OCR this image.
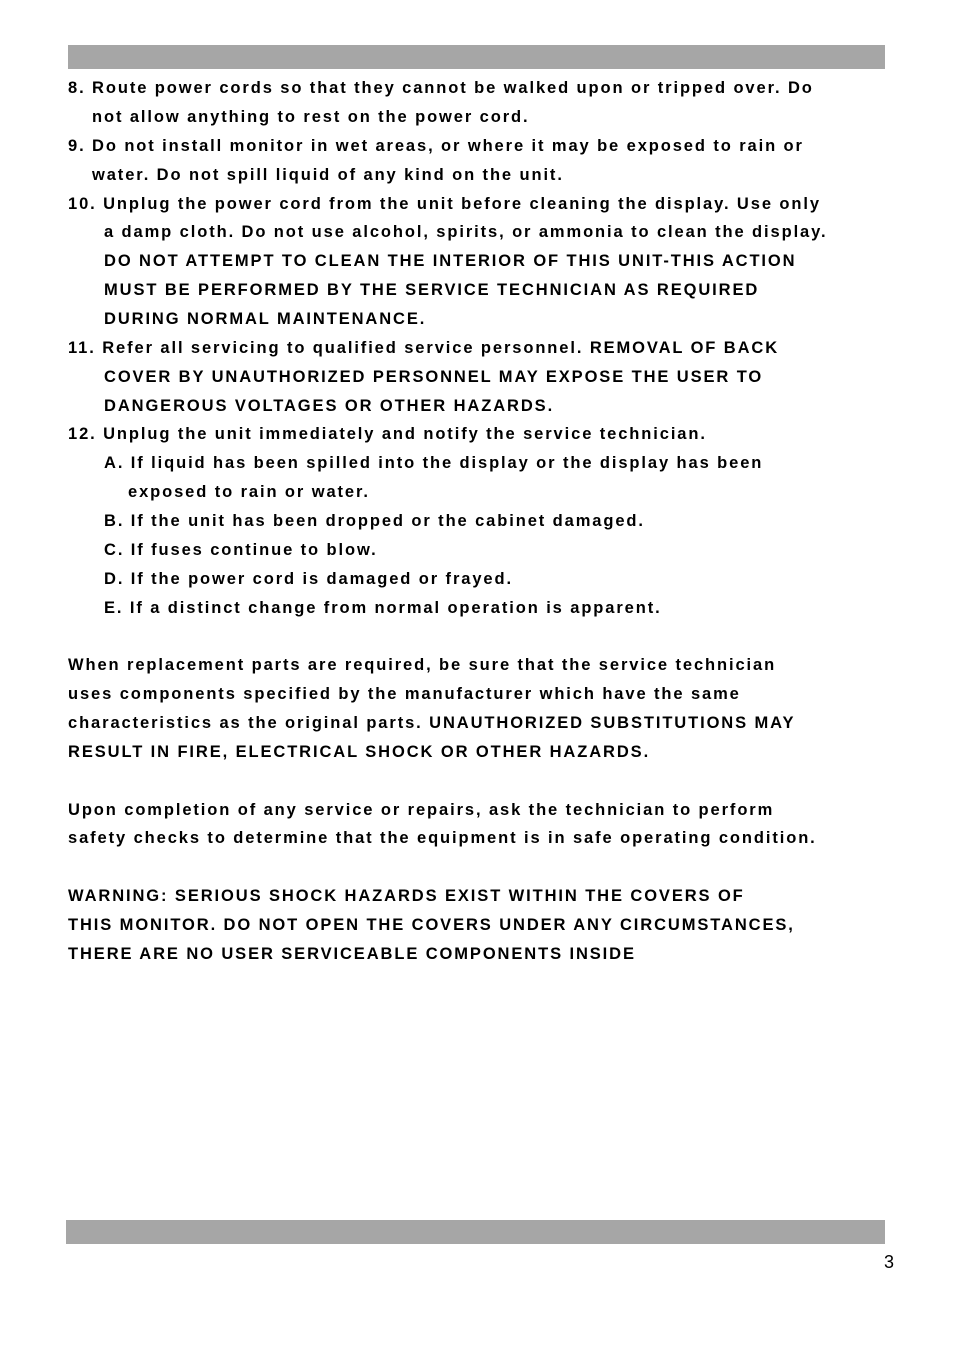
8. Route power cords so that they cannot be walked upon or tripped over. Do
not allow anything to rest on the power cord.
9. Do not install monitor in wet areas, or where it may be exposed to rain or
water. Do not spill liquid of any kind on the unit.
10. Unplug the power cord from the unit before cleaning the display. Use only
a damp cloth. Do not use alcohol, spirits, or ammonia to clean the display.
DO NOT ATTEMPT TO CLEAN THE INTERIOR OF THIS UNIT-THIS ACTION
MUST BE PERFORMED BY THE SERVICE TECHNICIAN AS REQUIRED
DURING NORMAL MAINTENANCE.
11. Refer all servicing to qualified service personnel. REMOVAL OF BACK
COVER BY UNAUTHORIZED PERSONNEL MAY EXPOSE THE USER TO
DANGEROUS VOLTAGES OR OTHER HAZARDS.
12. Unplug the unit immediately and notify the service technician.
A. If liquid has been spilled into the display or the display has been
exposed to rain or water.
B. If the unit has been dropped or the cabinet damaged.
C. If fuses continue to blow.
D. If the power cord is damaged or frayed.
E. If a distinct change from normal operation is apparent.
When replacement parts are required, be sure that the service technician
uses components specified by the manufacturer which have the same
characteristics as the original parts. UNAUTHORIZED SUBSTITUTIONS MAY
RESULT IN FIRE, ELECTRICAL SHOCK OR OTHER HAZARDS.
Upon completion of any service or repairs, ask the technician to perform
safety checks to determine that the equipment is in safe operating condition.
WARNING: SERIOUS SHOCK HAZARDS EXIST WITHIN THE COVERS OF
THIS MONITOR. DO NOT OPEN THE COVERS UNDER ANY CIRCUMSTANCES,
THERE ARE NO USER SERVICEABLE COMPONENTS INSIDE
3
